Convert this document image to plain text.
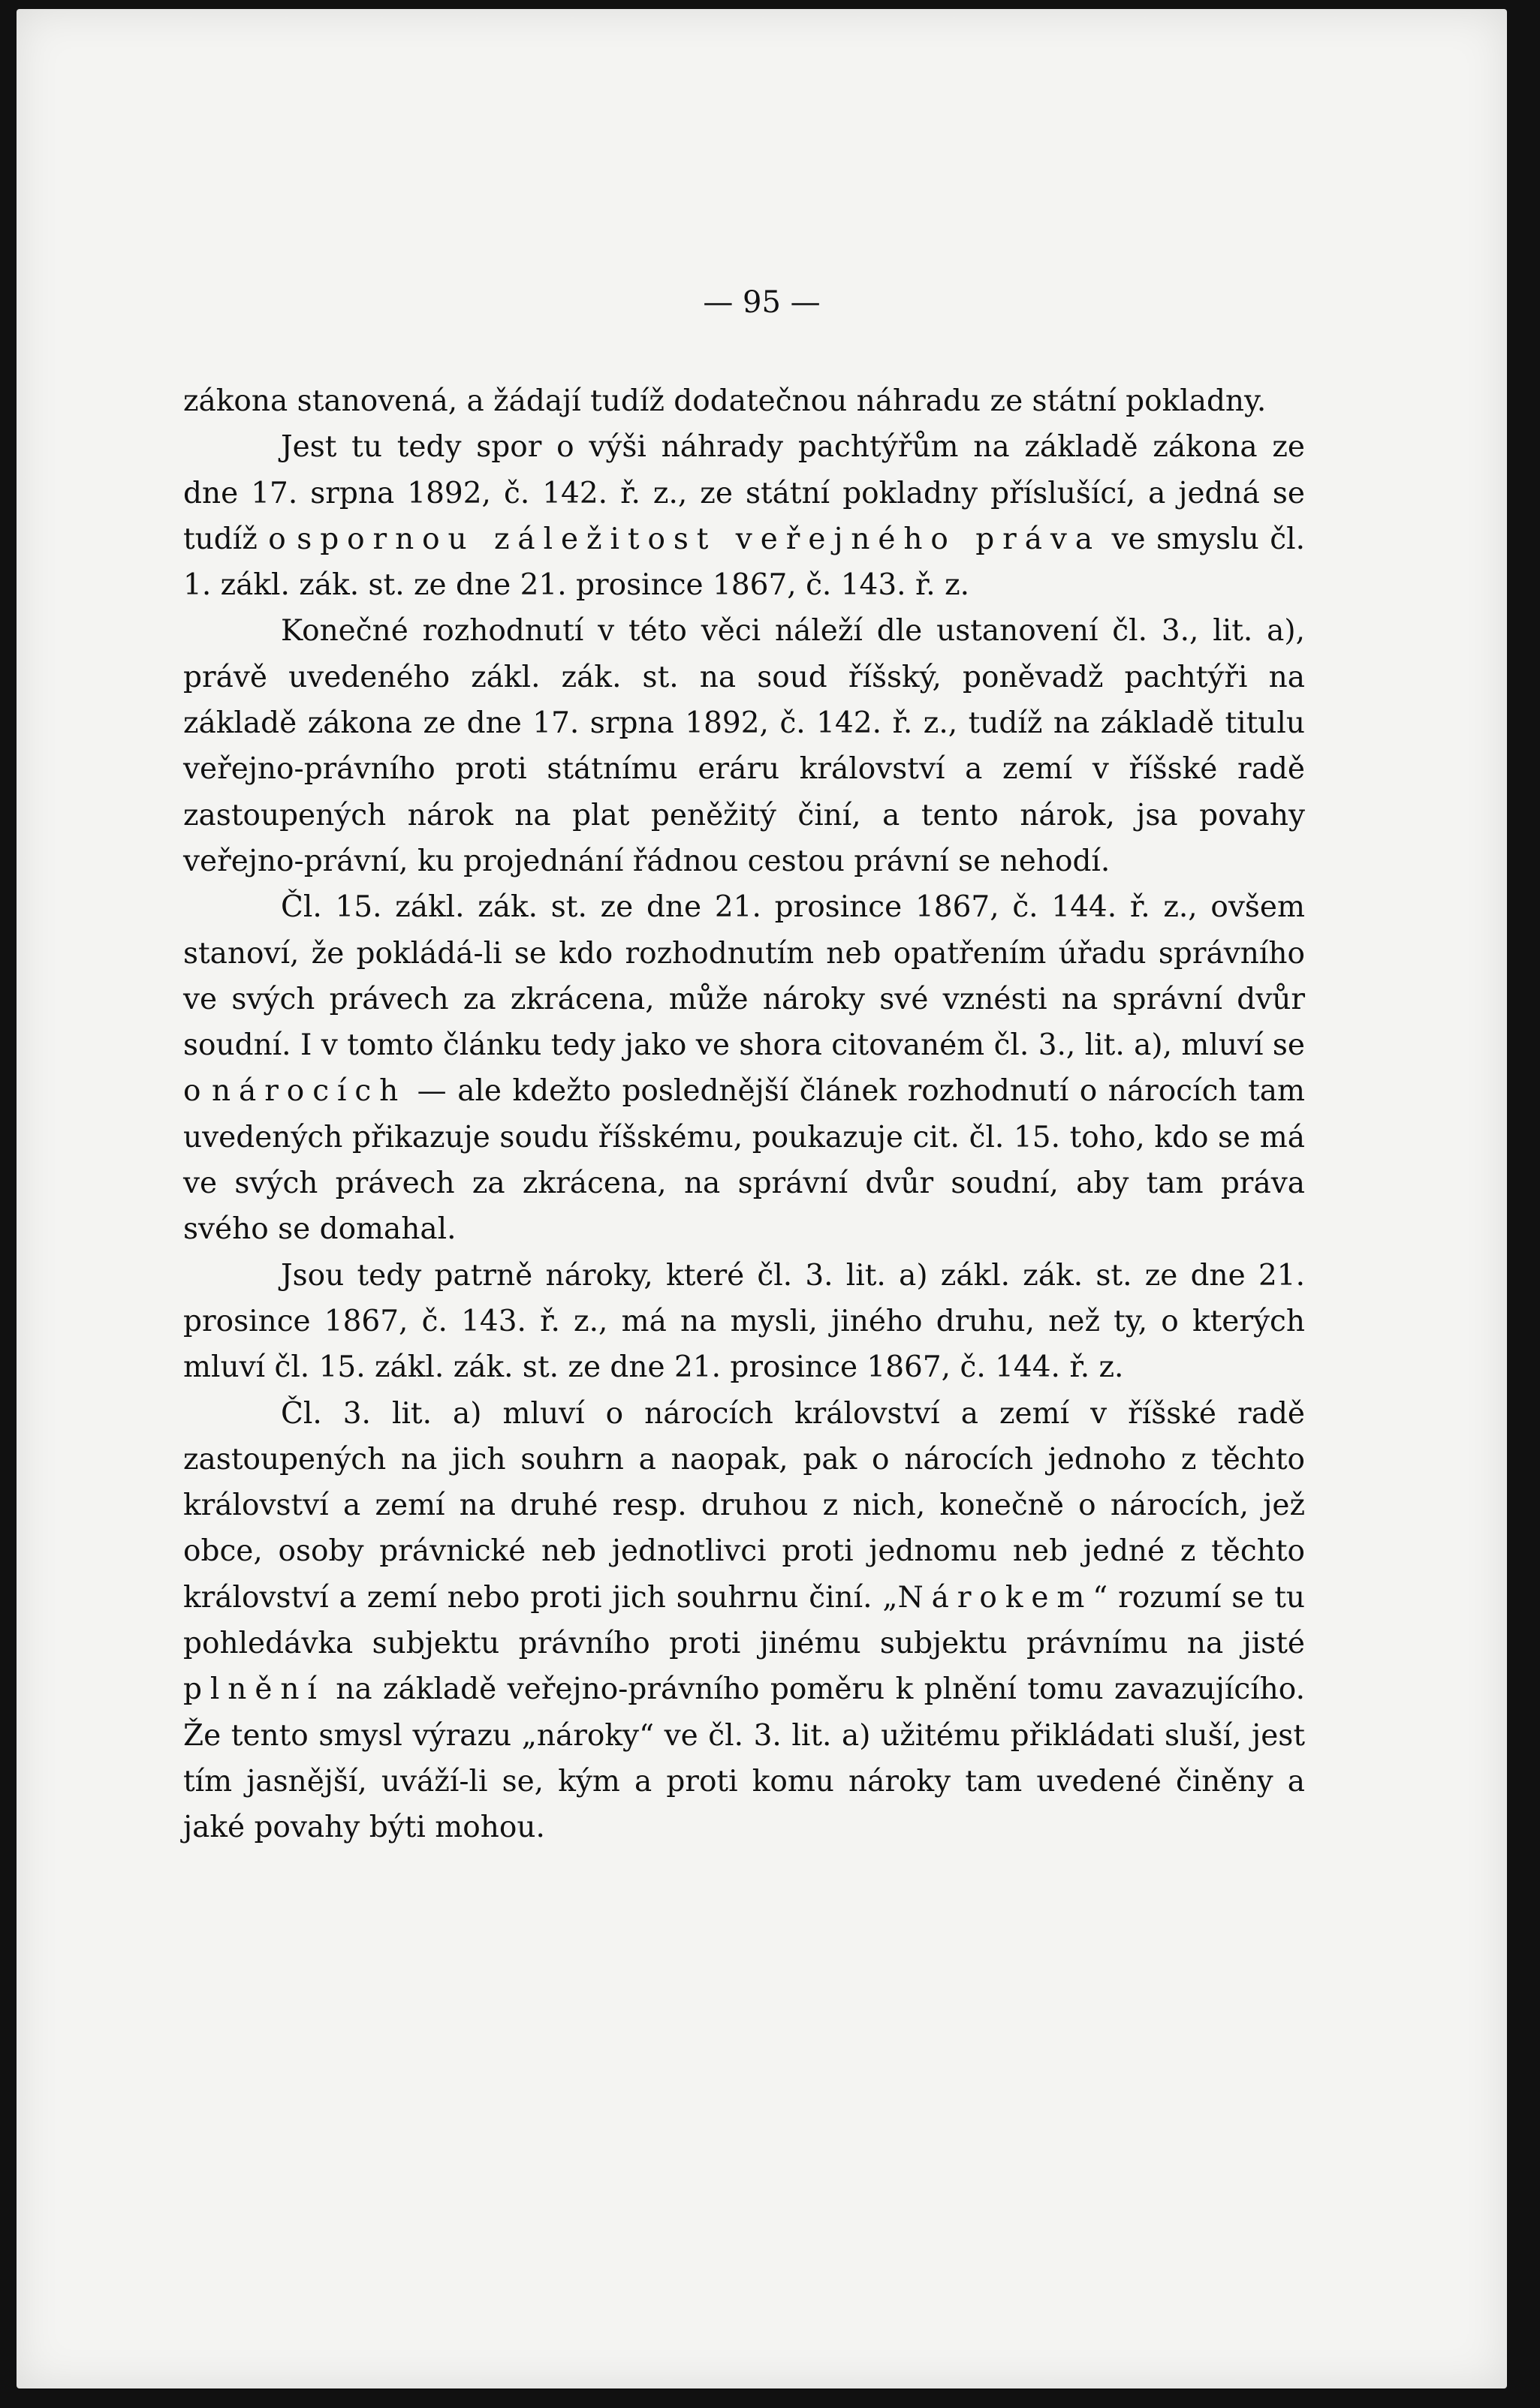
— 95 —

zákona stanovená, a žádají tudíž dodatečnou náhradu ze státní pokladny.

Jest tu tedy spor o výši náhrady pachtýřům na základě zákona ze dne 17. srpna 1892, č. 142. ř. z., ze státní pokladny příslušící, a jedná se tudíž o spornou záležitost veřejného práva ve smyslu čl. 1. zákl. zák. st. ze dne 21. prosince 1867, č. 143. ř. z.

Konečné rozhodnutí v této věci náleží dle ustanovení čl. 3., lit. a), právě uvedeného zákl. zák. st. na soud říšský, poněvadž pachtýři na základě zákona ze dne 17. srpna 1892, č. 142. ř. z., tudíž na základě titulu veřejno-právního proti státnímu eráru království a zemí v říšské radě zastoupených nárok na plat peněžitý činí, a tento nárok, jsa povahy veřejno-právní, ku projednání řádnou cestou právní se nehodí.

Čl. 15. zákl. zák. st. ze dne 21. prosince 1867, č. 144. ř. z., ovšem stanoví, že pokládá-li se kdo rozhodnutím neb opatřením úřadu správního ve svých právech za zkrácena, může nároky své vznésti na správní dvůr soudní. I v tomto článku tedy jako ve shora citovaném čl. 3., lit. a), mluví se o nárocích — ale kdežto poslednější článek rozhodnutí o nárocích tam uvedených přikazuje soudu říšskému, poukazuje cit. čl. 15. toho, kdo se má ve svých právech za zkrácena, na správní dvůr soudní, aby tam práva svého se domahal.

Jsou tedy patrně nároky, které čl. 3. lit. a) zákl. zák. st. ze dne 21. prosince 1867, č. 143. ř. z., má na mysli, jiného druhu, než ty, o kterých mluví čl. 15. zákl. zák. st. ze dne 21. prosince 1867, č. 144. ř. z.

Čl. 3. lit. a) mluví o nárocích království a zemí v říšské radě zastoupených na jich souhrn a naopak, pak o nárocích jednoho z těchto království a zemí na druhé resp. druhou z nich, konečně o nárocích, jež obce, osoby právnické neb jednotlivci proti jednomu neb jedné z těchto království a zemí nebo proti jich souhrnu činí. „Nárokem“ rozumí se tu pohledávka subjektu právního proti jinému subjektu právnímu na jisté plnění na základě veřejno-právního poměru k plnění tomu zavazujícího. Že tento smysl výrazu „nároky“ ve čl. 3. lit. a) užitému přikládati sluší, jest tím jasnější, uváží-li se, kým a proti komu nároky tam uvedené činěny a jaké povahy býti mohou.
